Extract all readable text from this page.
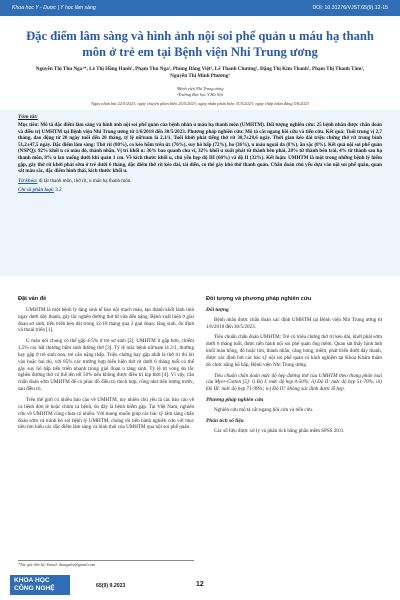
Khoa học Y - Dược | Y học lâm sàng	DOI: 10.31276/VJST.65(9).12-15
Đặc điểm lâm sàng và hình ảnh nội soi phế quản u máu hạ thanh môn ở trẻ em tại Bệnh viện Nhi Trung ương
Nguyễn Thị Thu Nga¹*, Lê Thị Hồng Hanh¹, Phạm Thu Nga¹, Phùng Đăng Việt¹, Lê Thanh Chương¹, Đặng Thị Kim Thanh¹, Phạm Thị Thanh Tâm¹, Nguyễn Thị Minh Phương¹
¹Bệnh viện Nhi Trung ương
²Trường Đại học Y Hà Nội
Ngày nhận bài 22/5/2023; ngày chuyển phản biện 25/5/2023; ngày nhận phản biện 31/5/2023; ngày chấp nhận đăng 5/6/2023
Tóm tắt:
Mục tiêu: Mô tả đặc điểm lâm sàng và hình ảnh nội soi phế quản của bệnh nhân u máu hạ thanh môn (UMHTM). Đối tượng nghiên cứu: 25 bệnh nhân được chẩn đoán và điều trị UMHTM tại Bệnh viện Nhi Trung ương từ 1/6/2018 đến 30/5/2023. Phương pháp nghiên cứu: Mô tả cắt ngang hồi cứu và tiến cứu. Kết quả: Tuổi trung vị 2,7 tháng, dao động từ 20 ngày tuổi đến 20 tháng, tỷ lệ nữ/nam là 2,1/1. Tuổi khởi phát tiếng thở rít 30,7±28,6 ngày. Thời gian kéo dài triệu chứng thở rít trung bình 51,2±47,5 ngày. Đặc điểm lâm sàng: Thở rít (80%), co kéo hõm trên ức (76%), suy hô hấp (72%), ho (36%), u máu ngoài da (8%), ăn sặc (8%). Kết quả nội soi phế quản (NSPQ): 92% khối u có màu đỏ, thành nhẵn. Vị trí khối u: 36% bao quanh chu vi, 32% khối u xuất phát từ thành bên phải, 28% từ thành bên trái, 4% từ thành sau hạ thanh môn, 8% u lan xuống dưới khí quản 1 cm. Về kích thước khối u, chủ yếu hẹp độ III (60%) và độ II (32%). Kết luận: UMHTM là một trong những bệnh lý hiếm gặp, gây thở rít khởi phát sớm ở trẻ dưới 6 tháng, đặc điểm thở rít kéo dài, tái diễn, có thể gây khó thở thanh quản. Chẩn đoán chủ yếu dựa vào nội soi phế quản, quan sát màu sắc, đặc điểm hình thái, kích thước khối u.
Từ khóa: dị tật thanh môn, thở rít, u máu hạ thanh môn.
Chỉ số phân loại: 3.2
Đặt vấn đề

UMHTM là một bệnh lý tăng sinh tế bào nội mạch máu, tạo thành khối lành tính ngay dưới dây thanh, gây tắc nghẽn đường thở từ vừa đến nặng. Bệnh xuất hiện ở giai đoạn sơ sinh, tiến triển kéo dài trong 12-18 tháng qua 3 giai đoạn: tăng sinh, ổn định và thoái triển [1].

U máu nói chung có thể gặp 4-5% ở trẻ sơ sinh [2]. UMHTM ít gặp hơn, chiếm 1,5% các bất thường bẩm sinh đường thở [3]. Tỷ lệ mắc bệnh nữ/nam là 2/1, thường hay gặp ở trẻ sinh non, trẻ cân nặng thấp. Triệu chứng hay gặp nhất là thở rít thì hít vào hoặc hai thì, với 85% các trường hợp biểu hiện thở rít dưới 6 tháng tuổi có thể gây suy hô hấp tiến triển nhanh trong giai đoạn u tăng sinh. Tỷ lệ tử vong do tắc nghẽn đường thở có thể lên tới 50% nếu không được điều trị kịp thời [4]. Vì vậy, cần chẩn đoán sớm UMHTM để có phác đồ điều trị thích hợp, cũng như tiên lượng trước, sau điều trị.

Trên thế giới có nhiều báo cáo về UMHTM, tuy nhiên chủ yếu là các báo cáo về ca bệnh đơn lẻ hoặc chùm ca bệnh, do đây là bệnh hiếm gặp. Tại Việt Nam, nghiên cứu về UMHTM cũng chưa có nhiều. Với mong muốn giúp các bác sỹ lâm sàng chẩn đoán sớm và tránh bỏ sót bệnh lý UMHTM, chúng tôi tiến hành nghiên cứu với mục tiêu tìm hiểu các đặc điểm lâm sàng và hình thái của UMHTM qua nội soi phế quản.

Đối tượng và phương pháp nghiên cứu
Đối tượng

Bệnh nhân được chẩn đoán xác định UMHTM tại Bệnh viện Nhi Trung ương từ 1/6/2018 đến 30/5/2023.

Tiêu chuẩn chẩn đoán UMHTM: Trẻ có triệu chứng thở rít kéo dài, khởi phát sớm dưới 6 tháng tuổi, được tiến hành nội soi phế quản ống mềm. Quan sát thấy hình ảnh khối màu hồng, đỏ hoặc tím, thành nhẵn, căng bóng, mềm, phát triển dưới dây thanh, được xác định bởi các bác sỹ nội soi phế quản có kinh nghiệm tại Khoa Khám thăm dò chức năng hô hấp, Bệnh viện Nhi Trung ương.

Tiêu chuẩn chẩn đoán mức độ hẹp đường thở của UMHTM theo thang phân loại của Myer-Cotton [5]: i) Độ I: mức độ hẹp 0-50%; ii) Độ II: mức độ hẹp 51-70%; iii) Độ III: mức độ hẹp 71-99%; iv) Độ IV: không xác định được lỗ hẹp.

Phương pháp nghiên cứu

Nghiên cứu mô tả cắt ngang hồi cứu và tiến cứu.

Phân tích số liệu

Các số liệu được xử lý và phân tích bằng phần mềm SPSS 20.0.

*Tác giả liên hệ: Email: thungabv@gmail.com
KHOA HỌC
CÔNG NGHỆ	65(9) 9.2023	12
